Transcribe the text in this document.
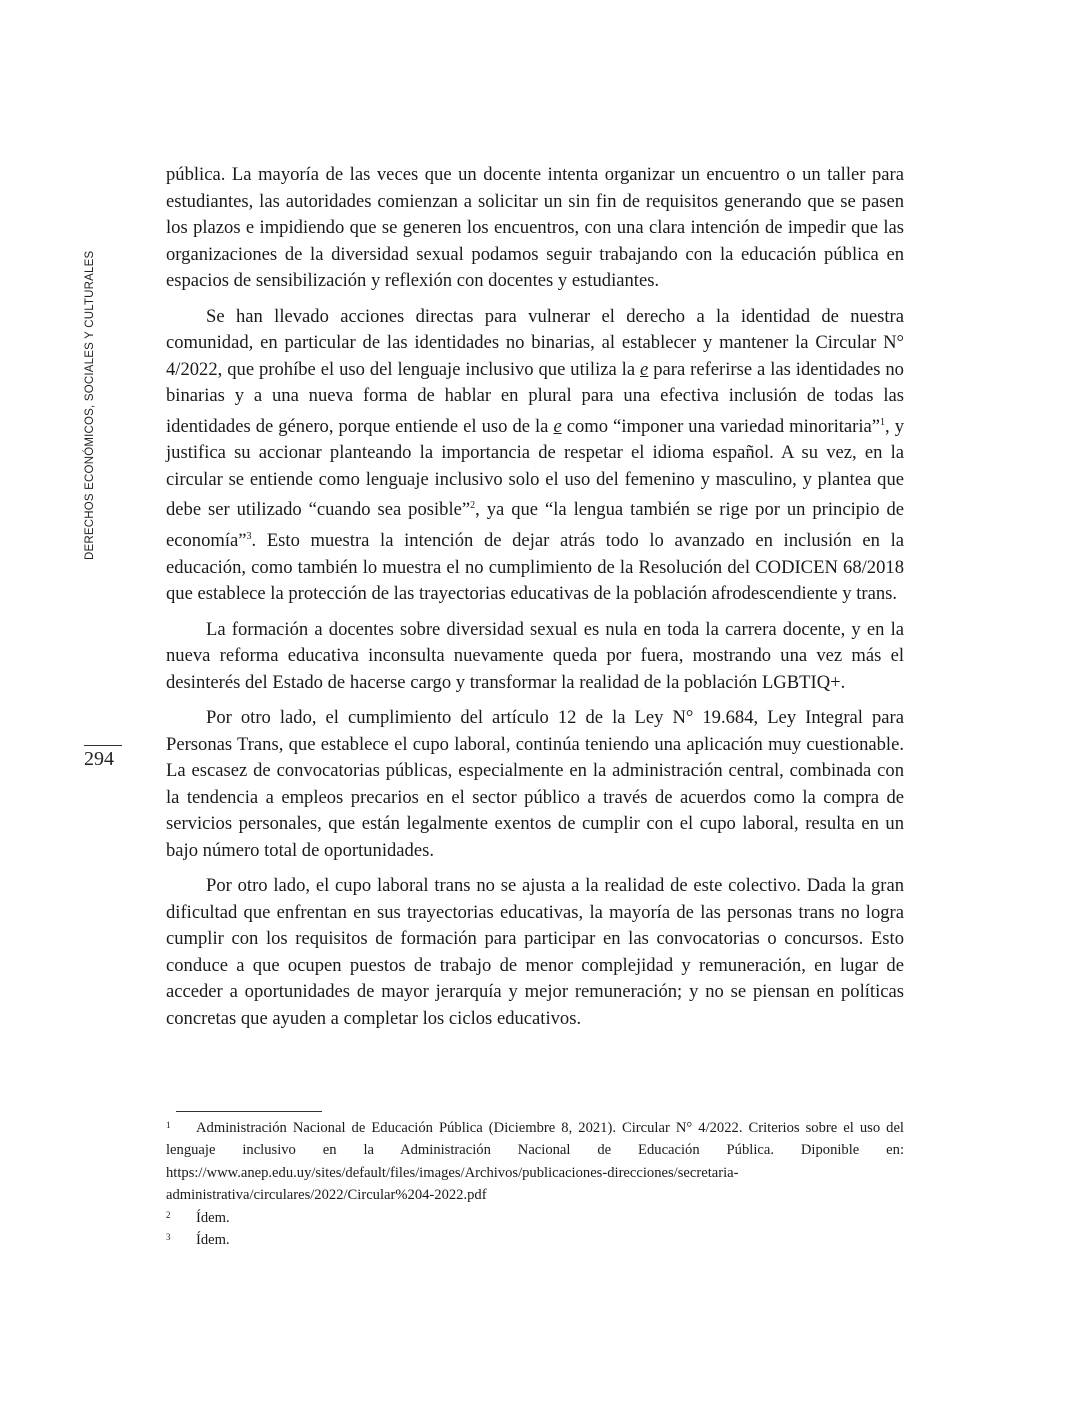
DERECHOS ECONÓMICOS, SOCIALES Y CULTURALES
294

pública. La mayoría de las veces que un docente intenta organizar un encuentro o un taller para estudiantes, las autoridades comienzan a solicitar un sin fin de requisitos generando que se pasen los plazos e impidiendo que se generen los encuentros, con una clara intención de impedir que las organizaciones de la diversidad sexual podamos seguir trabajando con la educación pública en espacios de sensibilización y reflexión con docentes y estudiantes.

Se han llevado acciones directas para vulnerar el derecho a la identidad de nuestra comunidad, en particular de las identidades no binarias, al establecer y mantener la Circular N° 4/2022, que prohíbe el uso del lenguaje inclusivo que utiliza la e para referirse a las identidades no binarias y a una nueva forma de hablar en plural para una efectiva inclusión de todas las identidades de género, porque entiende el uso de la e como “imponer una variedad minoritaria”$^1$, y justifica su accionar planteando la importancia de respetar el idioma español. A su vez, en la circular se entiende como lenguaje inclusivo solo el uso del femenino y masculino, y plantea que debe ser utilizado “cuando sea posible”$^2$, ya que “la lengua también se rige por un principio de economía”$^3$. Esto muestra la intención de dejar atrás todo lo avanzado en inclusión en la educación, como también lo muestra el no cumplimiento de la Resolución del CODICEN 68/2018 que establece la protección de las trayectorias educativas de la población afrodescendiente y trans.

La formación a docentes sobre diversidad sexual es nula en toda la carrera docente, y en la nueva reforma educativa inconsulta nuevamente queda por fuera, mostrando una vez más el desinterés del Estado de hacerse cargo y transformar la realidad de la población LGBTIQ+.

Por otro lado, el cumplimiento del artículo 12 de la Ley N° 19.684, Ley Integral para Personas Trans, que establece el cupo laboral, continúa teniendo una aplicación muy cuestionable. La escasez de convocatorias públicas, especialmente en la administración central, combinada con la tendencia a empleos precarios en el sector público a través de acuerdos como la compra de servicios personales, que están legalmente exentos de cumplir con el cupo laboral, resulta en un bajo número total de oportunidades.

Por otro lado, el cupo laboral trans no se ajusta a la realidad de este colectivo. Dada la gran dificultad que enfrentan en sus trayectorias educativas, la mayoría de las personas trans no logra cumplir con los requisitos de formación para participar en las convocatorias o concursos. Esto conduce a que ocupen puestos de trabajo de menor complejidad y remuneración, en lugar de acceder a oportunidades de mayor jerarquía y mejor remuneración; y no se piensan en políticas concretas que ayuden a completar los ciclos educativos.

1	Administración Nacional de Educación Pública (Diciembre 8, 2021). Circular N° 4/2022. Criterios sobre el uso del lenguaje inclusivo en la Administración Nacional de Educación Pública. Diponible en: https://www.anep.edu.uy/sites/default/files/images/Archivos/publicaciones-direcciones/secretaria-administrativa/circulares/2022/Circular%204-2022.pdf
2	Ídem.
3	Ídem.
